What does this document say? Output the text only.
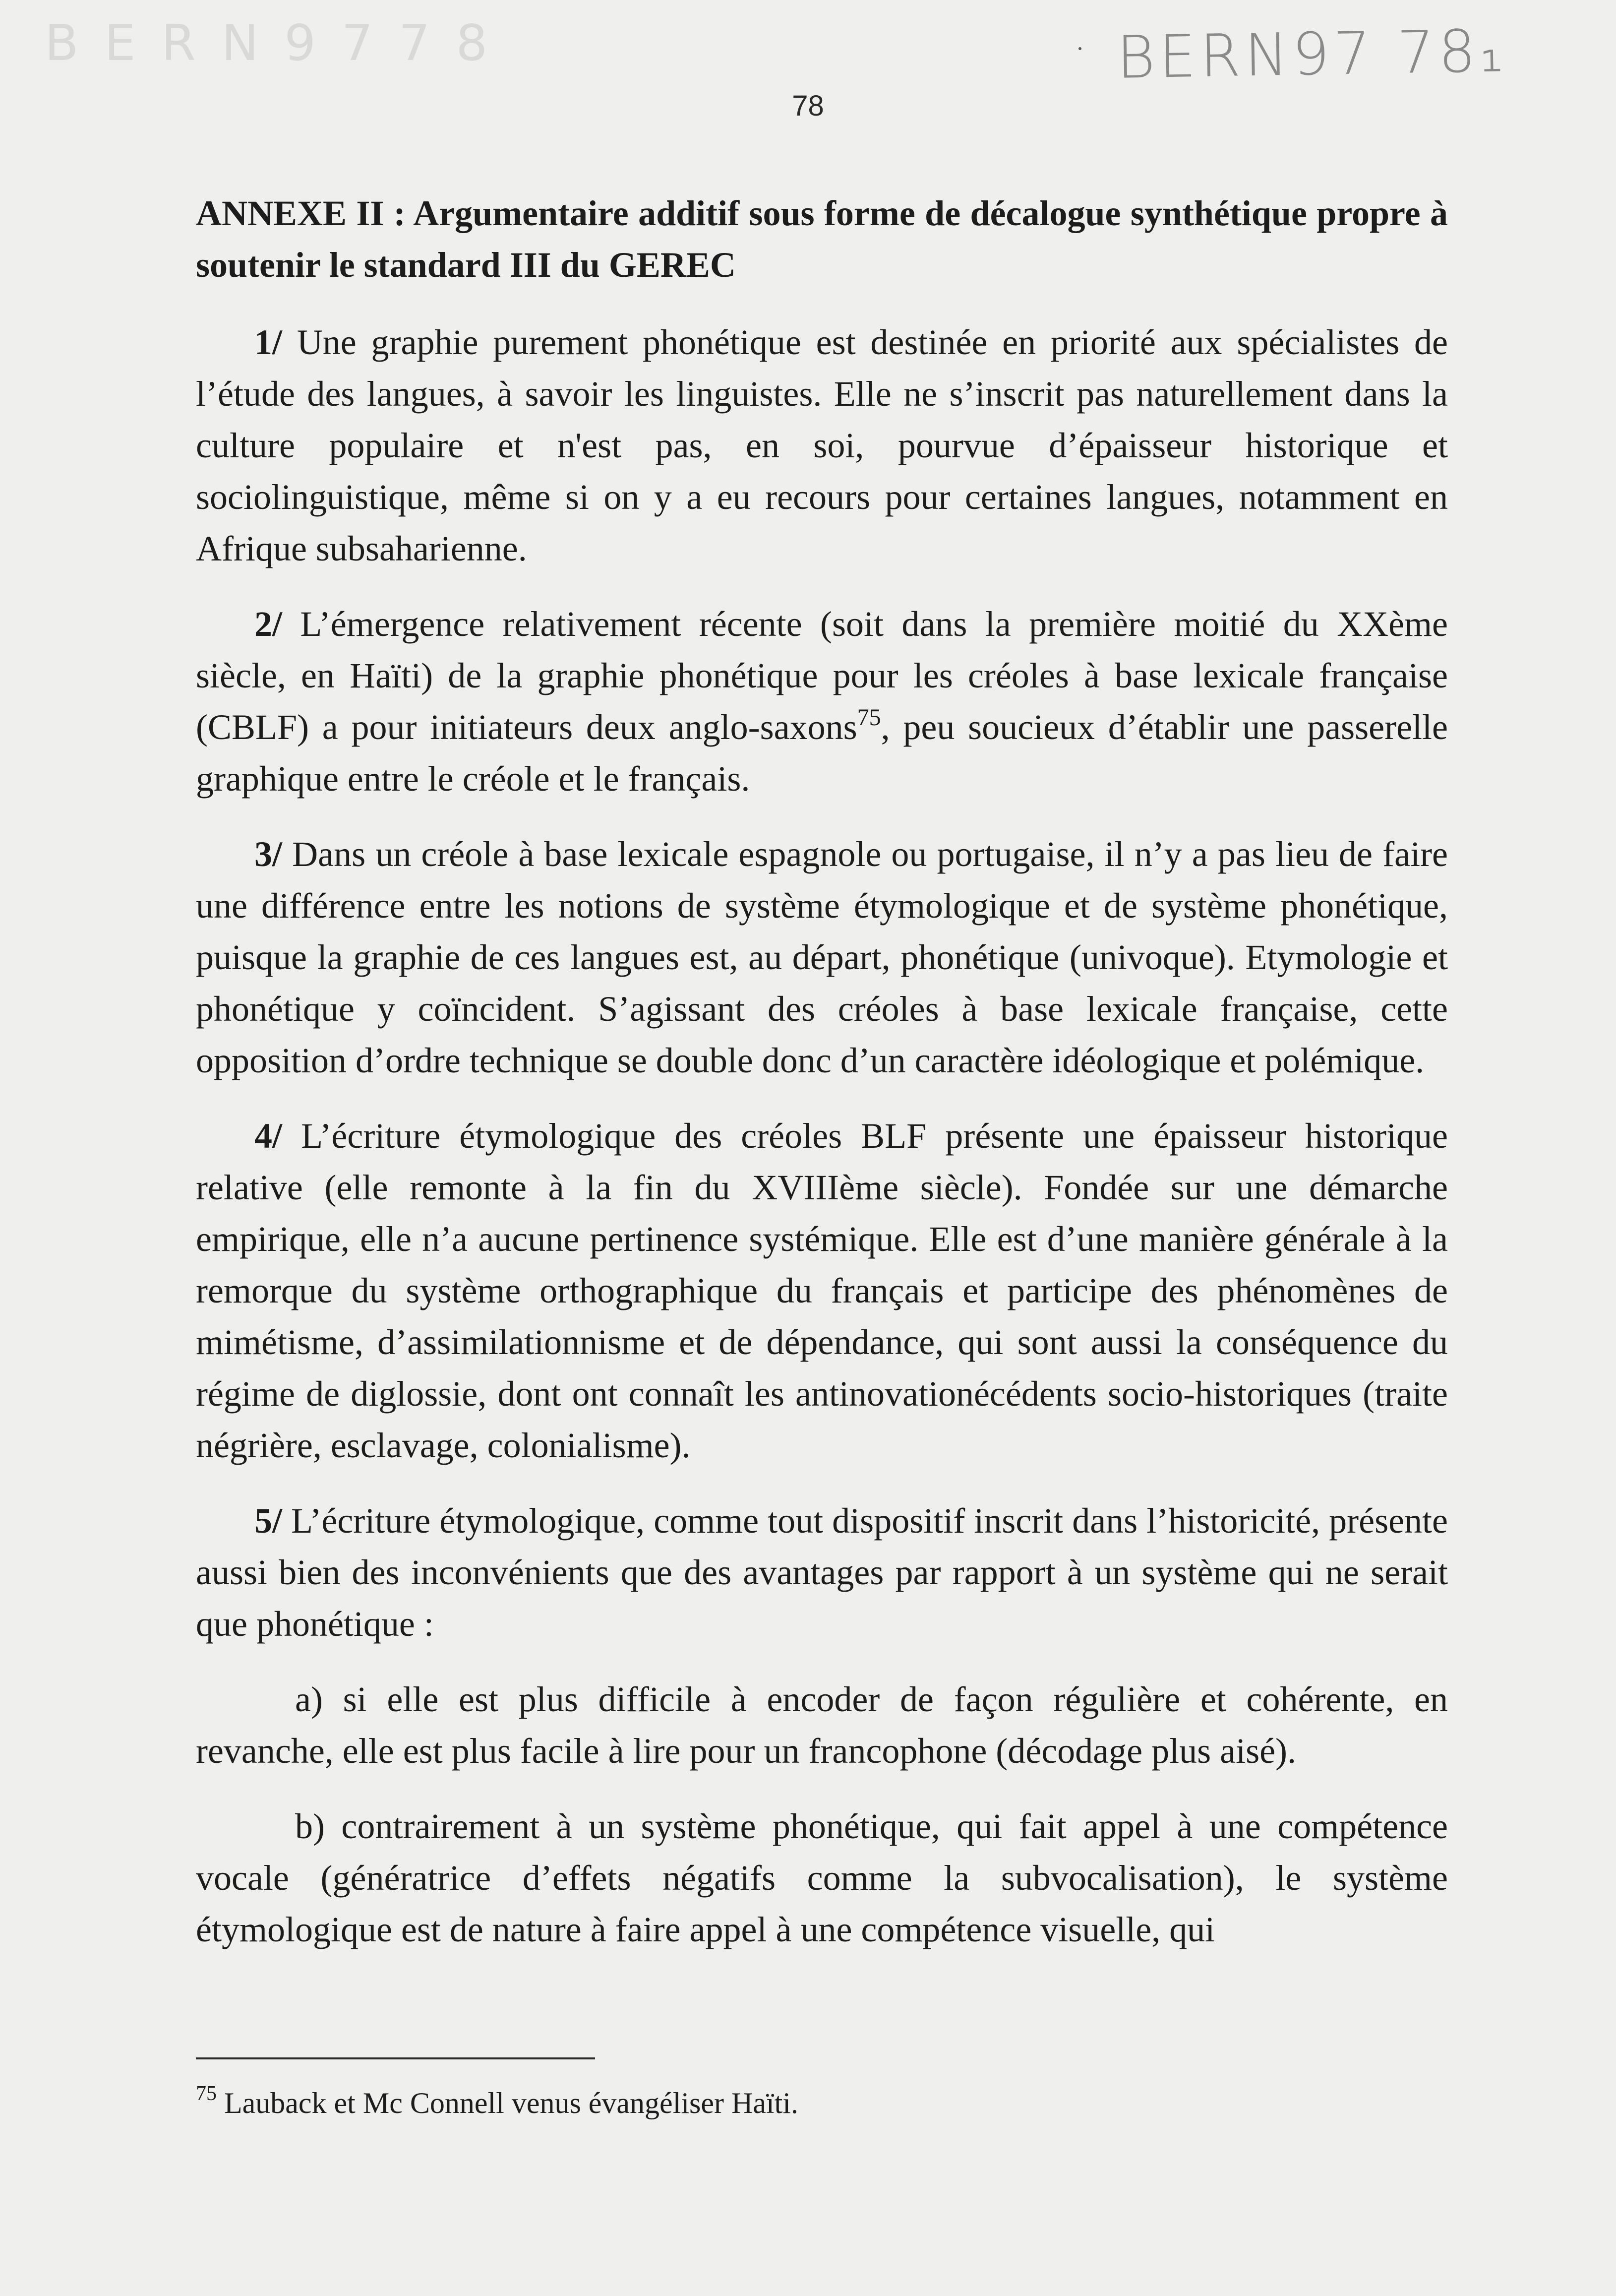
B E R N 9 7 7 8	BERN97 78₁
78
ANNEXE II : Argumentaire additif sous forme de décalogue synthétique propre à soutenir le standard III du GEREC

1/ Une graphie purement phonétique est destinée en priorité aux spécialistes de l’étude des langues, à savoir les linguistes. Elle ne s’inscrit pas naturellement dans la culture populaire et n'est pas, en soi, pourvue d’épaisseur historique et sociolinguistique, même si on y a eu recours pour certaines langues, notamment en Afrique subsaharienne.

2/ L’émergence relativement récente (soit dans la première moitié du XXème siècle, en Haïti) de la graphie phonétique pour les créoles à base lexicale française (CBLF) a pour initiateurs deux anglo-saxons$^{75}$, peu soucieux d’établir une passerelle graphique entre le créole et le français.

3/ Dans un créole à base lexicale espagnole ou portugaise, il n’y a pas lieu de faire une différence entre les notions de système étymologique et de système phonétique, puisque la graphie de ces langues est, au départ, phonétique (univoque). Etymologie et phonétique y coïncident. S’agissant des créoles à base lexicale française, cette opposition d’ordre technique se double donc d’un caractère idéologique et polémique.

4/ L’écriture étymologique des créoles BLF présente une épaisseur historique relative (elle remonte à la fin du XVIIIème siècle). Fondée sur une démarche empirique, elle n’a aucune pertinence systémique. Elle est d’une manière générale à la remorque du système orthographique du français et participe des phénomènes de mimétisme, d’assimilationnisme et de dépendance, qui sont aussi la conséquence du régime de diglossie, dont ont connaît les antinovationécédents socio-historiques (traite négrière, esclavage, colonialisme).

5/ L’écriture étymologique, comme tout dispositif inscrit dans l’historicité, présente aussi bien des inconvénients que des avantages par rapport à un système qui ne serait que phonétique :

a) si elle est plus difficile à encoder de façon régulière et cohérente, en revanche, elle est plus facile à lire pour un francophone (décodage plus aisé).

b) contrairement à un système phonétique, qui fait appel à une compétence vocale (génératrice d’effets négatifs comme la subvocalisation), le système étymologique est de nature à faire appel à une compétence visuelle, qui

$^{75}$ Lauback et Mc Connell venus évangéliser Haïti.
